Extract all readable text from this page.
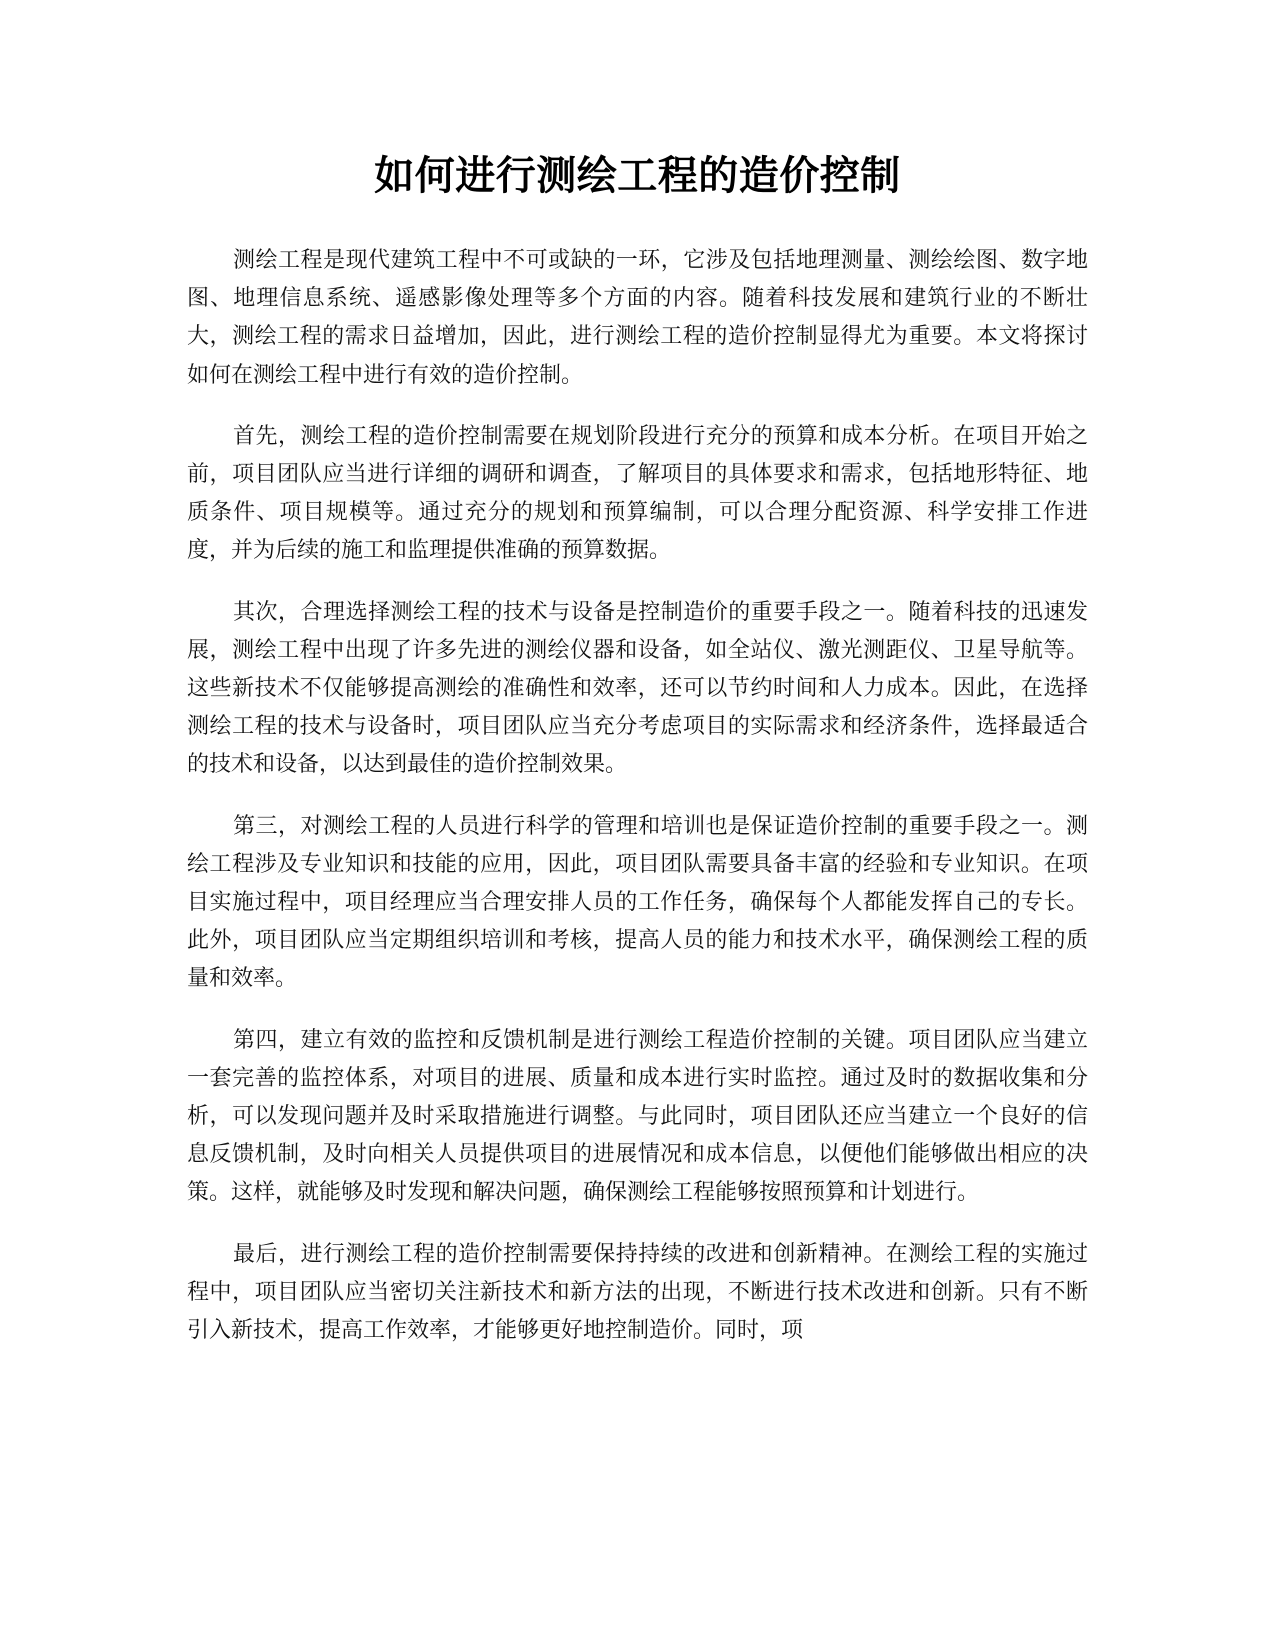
如何进行测绘工程的造价控制

测绘工程是现代建筑工程中不可或缺的一环，它涉及包括地理测量、测绘绘图、数字地图、地理信息系统、遥感影像处理等多个方面的内容。随着科技发展和建筑行业的不断壮大，测绘工程的需求日益增加，因此，进行测绘工程的造价控制显得尤为重要。本文将探讨如何在测绘工程中进行有效的造价控制。

首先，测绘工程的造价控制需要在规划阶段进行充分的预算和成本分析。在项目开始之前，项目团队应当进行详细的调研和调查，了解项目的具体要求和需求，包括地形特征、地质条件、项目规模等。通过充分的规划和预算编制，可以合理分配资源、科学安排工作进度，并为后续的施工和监理提供准确的预算数据。

其次，合理选择测绘工程的技术与设备是控制造价的重要手段之一。随着科技的迅速发展，测绘工程中出现了许多先进的测绘仪器和设备，如全站仪、激光测距仪、卫星导航等。这些新技术不仅能够提高测绘的准确性和效率，还可以节约时间和人力成本。因此，在选择测绘工程的技术与设备时，项目团队应当充分考虑项目的实际需求和经济条件，选择最适合的技术和设备，以达到最佳的造价控制效果。

第三，对测绘工程的人员进行科学的管理和培训也是保证造价控制的重要手段之一。测绘工程涉及专业知识和技能的应用，因此，项目团队需要具备丰富的经验和专业知识。在项目实施过程中，项目经理应当合理安排人员的工作任务，确保每个人都能发挥自己的专长。此外，项目团队应当定期组织培训和考核，提高人员的能力和技术水平，确保测绘工程的质量和效率。

第四，建立有效的监控和反馈机制是进行测绘工程造价控制的关键。项目团队应当建立一套完善的监控体系，对项目的进展、质量和成本进行实时监控。通过及时的数据收集和分析，可以发现问题并及时采取措施进行调整。与此同时，项目团队还应当建立一个良好的信息反馈机制，及时向相关人员提供项目的进展情况和成本信息，以便他们能够做出相应的决策。这样，就能够及时发现和解决问题，确保测绘工程能够按照预算和计划进行。

最后，进行测绘工程的造价控制需要保持持续的改进和创新精神。在测绘工程的实施过程中，项目团队应当密切关注新技术和新方法的出现，不断进行技术改进和创新。只有不断引入新技术，提高工作效率，才能够更好地控制造价。同时，项
